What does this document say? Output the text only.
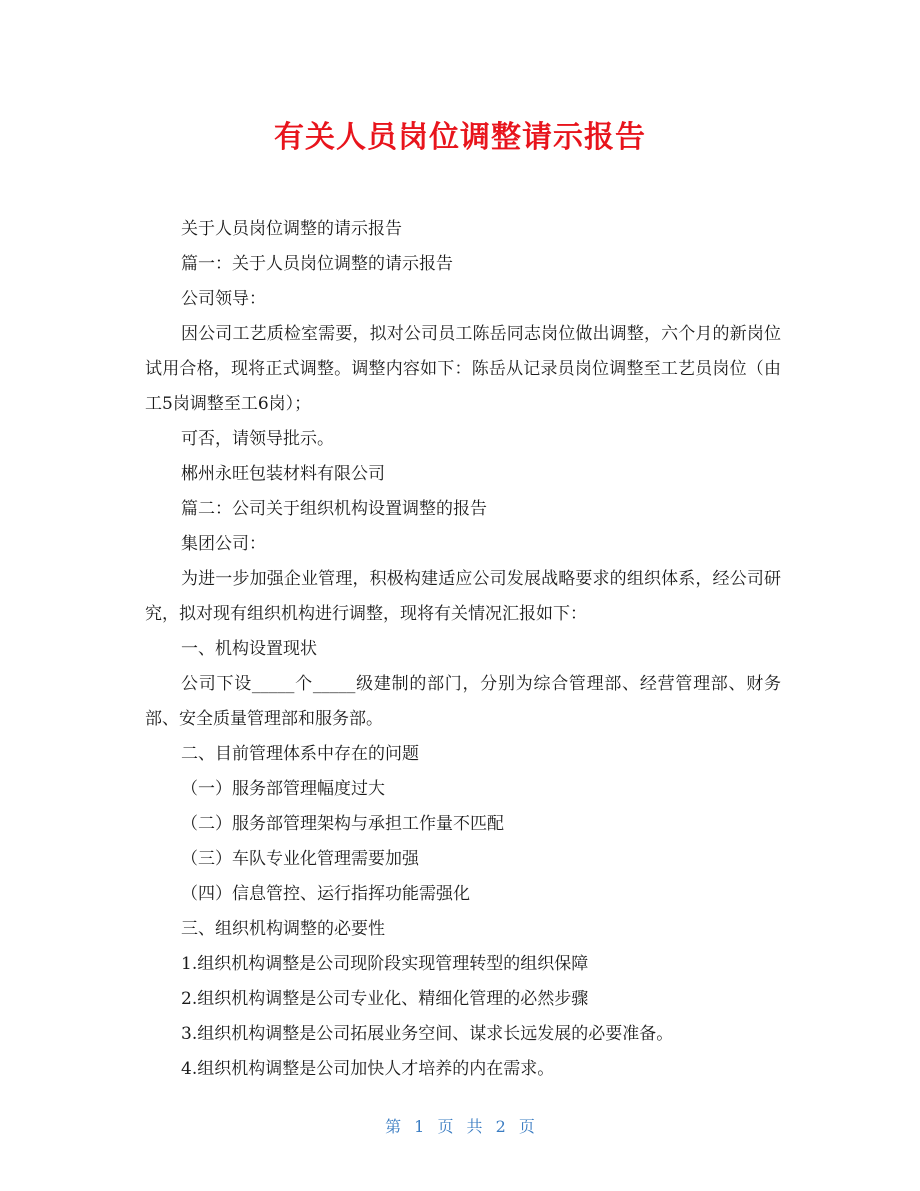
有关人员岗位调整请示报告

关于人员岗位调整的请示报告

篇一：关于人员岗位调整的请示报告

公司领导：

因公司工艺质检室需要，拟对公司员工陈岳同志岗位做出调整，六个月的新岗位试用合格，现将正式调整。调整内容如下：陈岳从记录员岗位调整至工艺员岗位（由工5岗调整至工6岗）；

可否，请领导批示。

郴州永旺包装材料有限公司

篇二：公司关于组织机构设置调整的报告

集团公司：

为进一步加强企业管理，积极构建适应公司发展战略要求的组织体系，经公司研究，拟对现有组织机构进行调整，现将有关情况汇报如下：

一、机构设置现状

公司下设_____个_____级建制的部门，分别为综合管理部、经营管理部、财务部、安全质量管理部和服务部。

二、目前管理体系中存在的问题

（一）服务部管理幅度过大

（二）服务部管理架构与承担工作量不匹配

（三）车队专业化管理需要加强

（四）信息管控、运行指挥功能需强化

三、组织机构调整的必要性

1.组织机构调整是公司现阶段实现管理转型的组织保障

2.组织机构调整是公司专业化、精细化管理的必然步骤

3.组织机构调整是公司拓展业务空间、谋求长远发展的必要准备。

4.组织机构调整是公司加快人才培养的内在需求。

第 1 页 共 2 页
